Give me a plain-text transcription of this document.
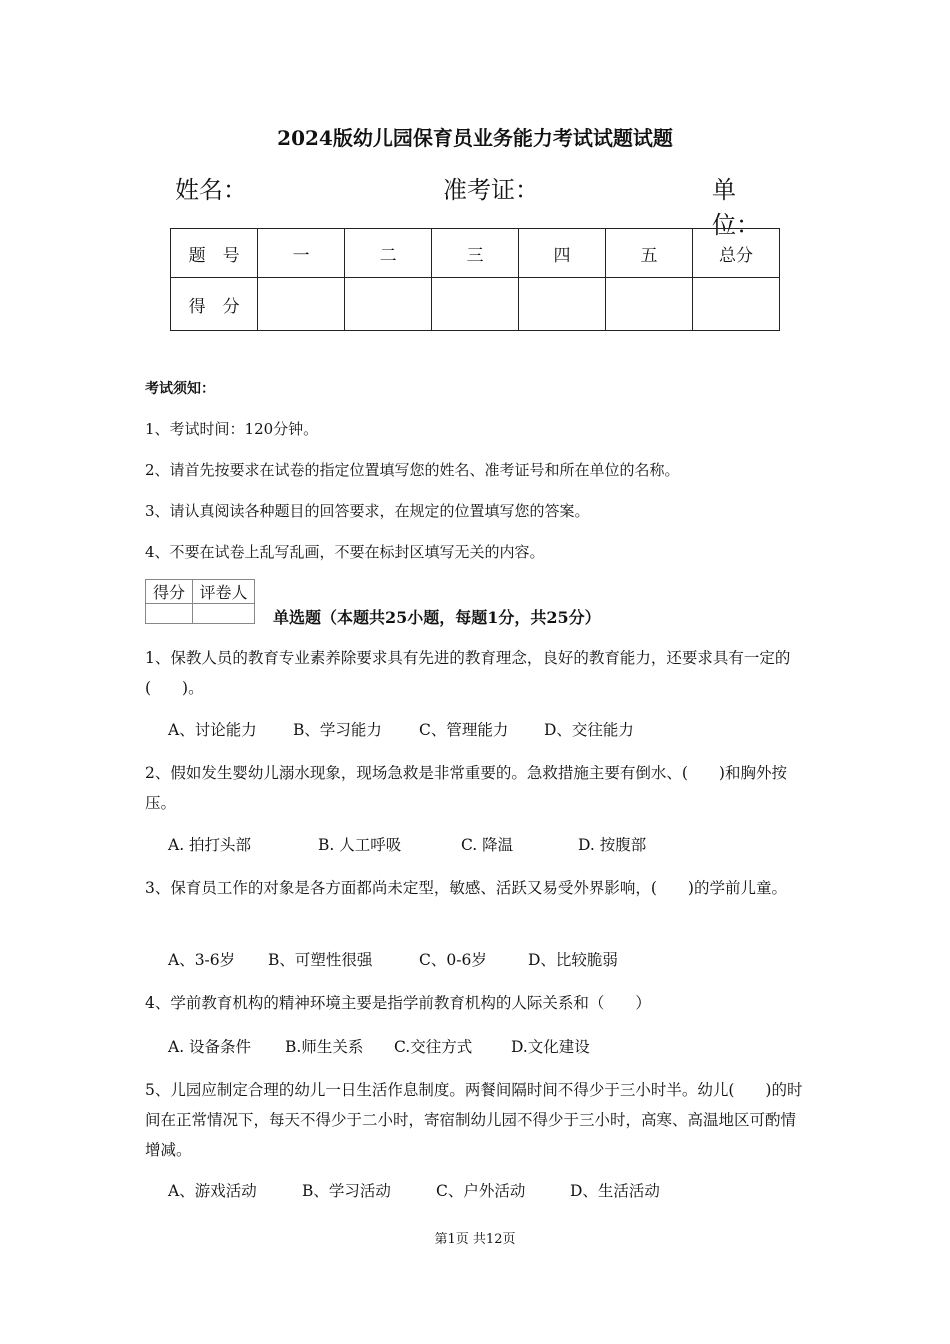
2024版幼儿园保育员业务能力考试试题试题
姓名：	准考证：	单位：
题　号	一	二	三	四	五	总分
得　分						
考试须知：
1、考试时间：120分钟。
2、请首先按要求在试卷的指定位置填写您的姓名、准考证号和所在单位的名称。
3、请认真阅读各种题目的回答要求，在规定的位置填写您的答案。
4、不要在试卷上乱写乱画，不要在标封区填写无关的内容。
得分	评卷人

单选题（本题共25小题，每题1分，共25分）
1、保教人员的教育专业素养除要求具有先进的教育理念，良好的教育能力，还要求具有一定的(　　)。

A、讨论能力

B、学习能力

C、管理能力

D、交往能力

2、假如发生婴幼儿溺水现象，现场急救是非常重要的。急救措施主要有倒水、(　　)和胸外按压。

A. 拍打头部

	B. 人工呼吸

	C. 降温

	D. 按腹部

3、保育员工作的对象是各方面都尚未定型，敏感、活跃又易受外界影响，(　　)的学前儿童。

A、3-6岁

B、可塑性很强

	C、0-6岁

	D、比较脆弱

4、学前教育机构的精神环境主要是指学前教育机构的人际关系和（　　）

A. 设备条件

B.师生关系

C.交往方式

	D.文化建设

5、儿园应制定合理的幼儿一日生活作息制度。两餐间隔时间不得少于三小时半。幼儿(　　)的时间在正常情况下，每天不得少于二小时，寄宿制幼儿园不得少于三小时，高寒、高温地区可酌情增减。

A、游戏活动

	B、学习活动

	C、户外活动

	D、生活活动

第1页 共12页
